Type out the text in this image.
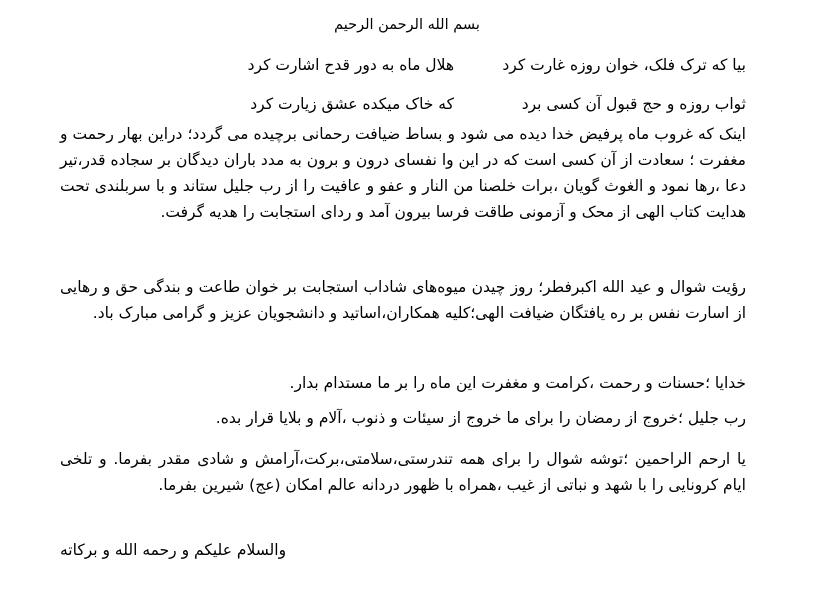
بسم الله الرحمن الرحیم
بیا که ترک فلک، خوان روزه غارت کرد
هلال ماه به دور قدح اشارت کرد
ثواب روزه و حج قبول آن کسی برد
که خاک میکده عشق زیارت کرد

اینک که غروب ماه پرفیض خدا دیده می شود و بساط ضیافت رحمانی برچیده می گردد؛ دراین بهار رحمت و مغفرت ؛ سعادت از آن کسی است که در این وا نفسای درون و برون به مدد باران دیدگان بر سجاده قدر،تیر دعا ،رها نمود و الغوث گویان ،برات خلصنا من النار و عفو و عافیت را از رب جلیل ستاند و با سربلندی تحت هدایت کتاب الهی از محک و آزمونی طاقت فرسا بیرون آمد و ردای استجابت را هدیه گرفت.

رؤیت شوال و عید الله اکبرفطر؛ روز چیدن میوه‌های شاداب استجابت بر خوان طاعت و بندگی حق و رهایی از اسارت نفس بر ره یافتگان ضیافت الهی؛کلیه همکاران،اساتید و دانشجویان عزیز و گرامی مبارک باد.

خدایا ؛حسنات و رحمت ،کرامت و مغفرت این ماه را بر ما مستدام بدار.

رب جلیل ؛خروج از رمضان را برای ما خروج از سیئات و ذنوب ،آلام و بلایا قرار بده.

یا ارحم الراحمین ؛توشه شوال را برای همه تندرستی،سلامتی،برکت،آرامش و شادی مقدر بفرما. و تلخی ایام کرونایی را با شهد و نباتی از غیب ،همراه با ظهور دردانه عالم امکان (عج) شیرین بفرما.

والسلام علیکم و رحمه الله و برکاته
